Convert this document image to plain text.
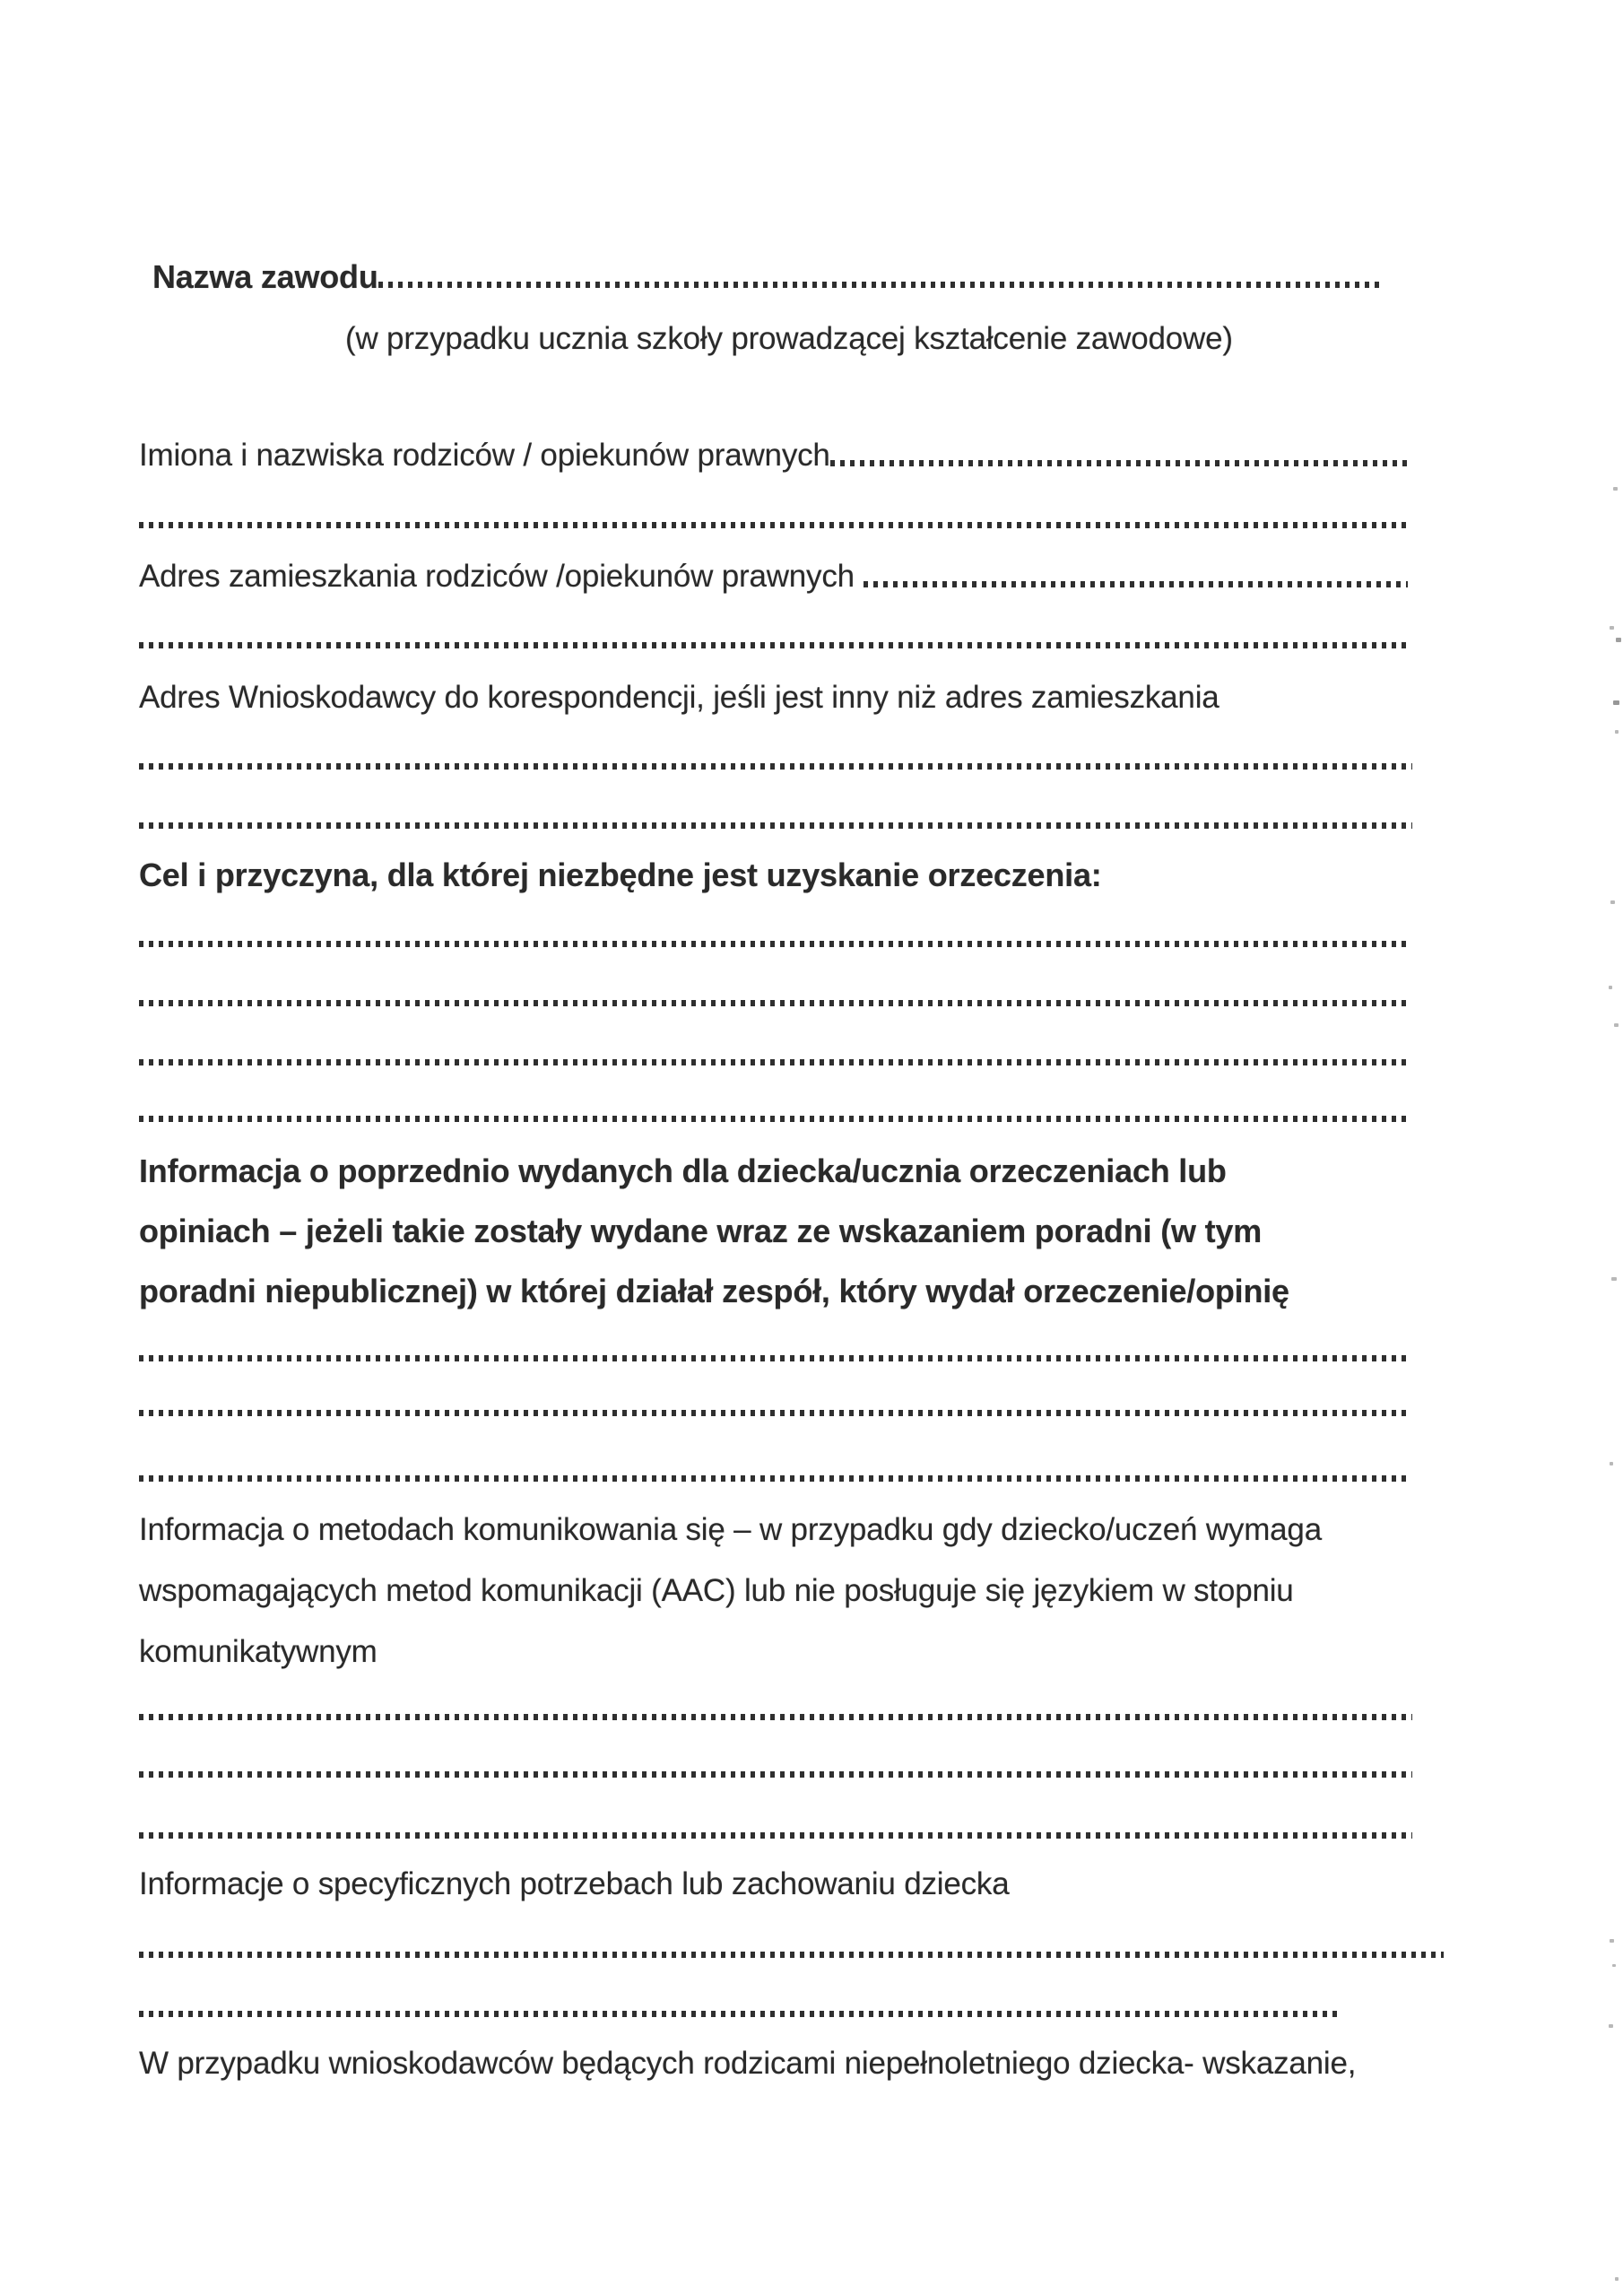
Nazwa zawodu
(w przypadku ucznia szkoły prowadzącej kształcenie zawodowe)
Imiona i nazwiska rodziców / opiekunów prawnych
Adres zamieszkania rodziców /opiekunów prawnych
Adres Wnioskodawcy do korespondencji, jeśli jest inny niż adres zamieszkania
Cel i przyczyna, dla której niezbędne jest uzyskanie orzeczenia:
Informacja o poprzednio wydanych dla dziecka/ucznia orzeczeniach lub
opiniach – jeżeli takie zostały wydane wraz ze wskazaniem poradni (w tym
poradni niepublicznej) w której działał zespół, który wydał orzeczenie/opinię
Informacja o metodach komunikowania się – w przypadku gdy dziecko/uczeń wymaga
wspomagających metod komunikacji (AAC) lub nie posługuje się językiem w stopniu
komunikatywnym
Informacje o specyficznych potrzebach lub zachowaniu dziecka
W przypadku wnioskodawców będących rodzicami niepełnoletniego dziecka- wskazanie,
